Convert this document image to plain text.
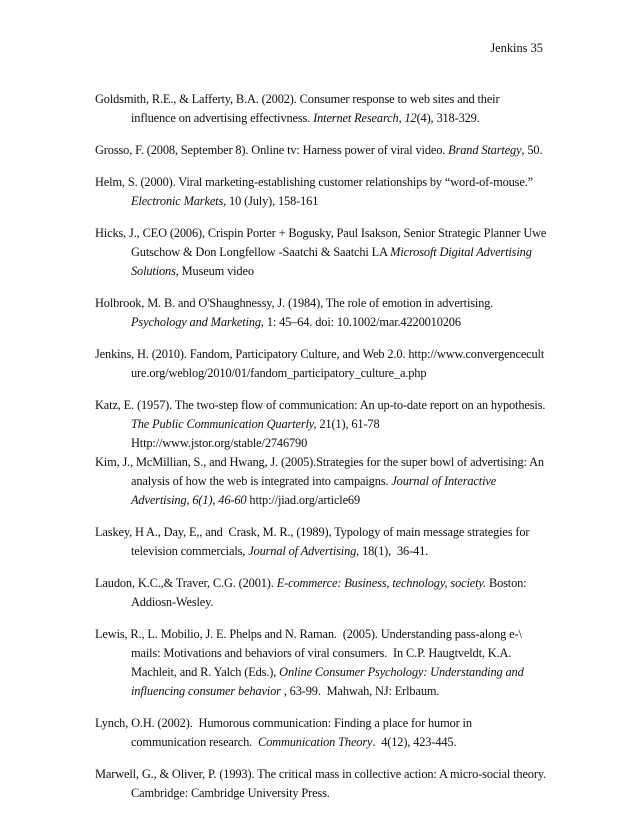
Jenkins 35

Goldsmith, R.E., & Lafferty, B.A. (2002). Consumer response to web sites and their influence on advertising effectivness. Internet Research, 12(4), 318-329.
Grosso, F. (2008, September 8). Online tv: Harness power of viral video. Brand Startegy, 50.
Helm, S. (2000). Viral marketing-establishing customer relationships by “word-of-mouse.” Electronic Markets, 10 (July), 158-161
Hicks, J., CEO (2006), Crispin Porter + Bogusky, Paul Isakson, Senior Strategic Planner Uwe Gutschow & Don Longfellow -Saatchi & Saatchi LA Microsoft Digital Advertising Solutions, Museum video
Holbrook, M. B. and O'Shaughnessy, J. (1984), The role of emotion in advertising. Psychology and Marketing, 1: 45–64. doi: 10.1002/mar.4220010206
Jenkins, H. (2010). Fandom, Participatory Culture, and Web 2.0. http://www.convergenceculture.org/weblog/2010/01/fandom_participatory_culture_a.php
Katz, E. (1957). The two-step flow of communication: An up-to-date report on an hypothesis. The Public Communication Quarterly, 21(1), 61-78 Http://www.jstor.org/stable/2746790
Kim, J., McMillian, S., and Hwang, J. (2005).Strategies for the super bowl of advertising: An analysis of how the web is integrated into campaigns. Journal of Interactive Advertising, 6(1), 46-60 http://jiad.org/article69
Laskey, H A., Day, E,, and  Crask, M. R., (1989), Typology of main message strategies for television commercials, Journal of Advertising, 18(1),  36-41.
Laudon, K.C.,& Traver, C.G. (2001). E-commerce: Business, technology, society. Boston: Addiosn-Wesley.
Lewis, R., L. Mobilio, J. E. Phelps and N. Raman.  (2005). Understanding pass-along e-\ mails: Motivations and behaviors of viral consumers.  In C.P. Haugtveldt, K.A. Machleit, and R. Yalch (Eds.), Online Consumer Psychology: Understanding and influencing consumer behavior , 63-99.  Mahwah, NJ: Erlbaum.
Lynch, O.H. (2002).  Humorous communication: Finding a place for humor in communication research.  Communication Theory.  4(12), 423-445.
Marwell, G., & Oliver, P. (1993). The critical mass in collective action: A micro-social theory. Cambridge: Cambridge University Press.
